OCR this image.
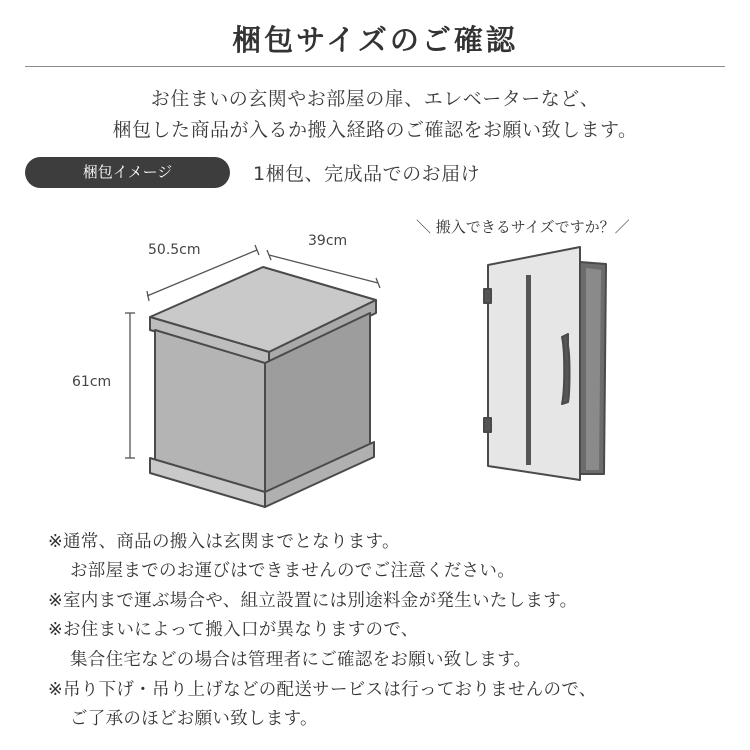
梱包サイズのご確認
お住まいの玄関やお部屋の扉、エレベーターなど、
梱包した商品が入るか搬入経路のご確認をお願い致します。
梱包イメージ	1梱包、完成品でのお届け
50.5cm
39cm
61cm
＼ 搬入できるサイズですか？／
※通常、商品の搬入は玄関までとなります。
お部屋までのお運びはできませんのでご注意ください。
※室内まで運ぶ場合や、組立設置には別途料金が発生いたします。
※お住まいによって搬入口が異なりますので、
集合住宅などの場合は管理者にご確認をお願い致します。
※吊り下げ・吊り上げなどの配送サービスは行っておりませんので、
ご了承のほどお願い致します。
